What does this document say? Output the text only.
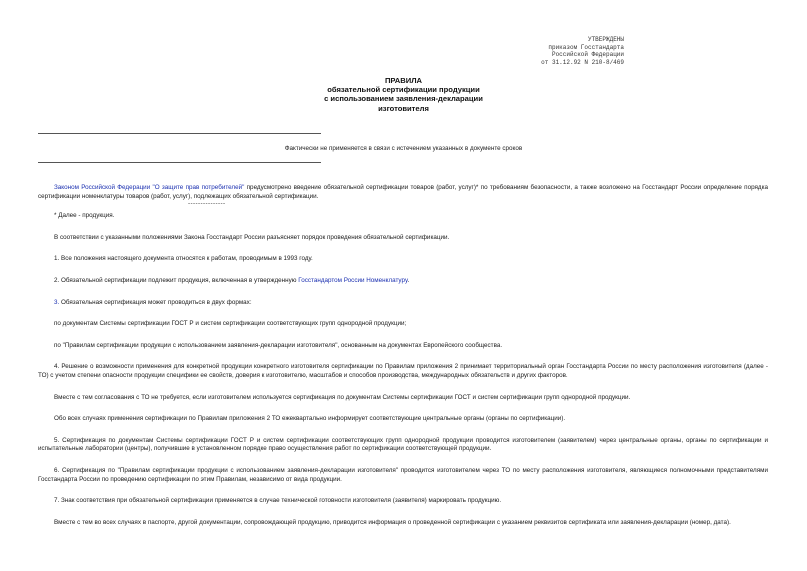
УТВЕРЖДЕНЫ
приказом Госстандарта
Российской Федерации
от 31.12.92 N 210-8/469
ПРАВИЛА
обязательной сертификации продукции
с использованием заявления-декларации
изготовителя
Фактически не применяется в связи с истечением указанных в документе сроков

Законом Российской Федерации "О защите прав потребителей" предусмотрено введение обязательной сертификации товаров (работ, услуг)* по требованиям безопасности, а также возложено на Госстандарт России определение порядка сертификации номенклатуры товаров (работ, услуг), подлежащих обязательной сертификации.

---------------

* Далее - продукция.

В соответствии с указанными положениями Закона Госстандарт России разъясняет порядок проведения обязательной сертификации.

1. Все положения настоящего документа относятся к работам, проводимым в 1993 году.

2. Обязательной сертификации подлежит продукция, включенная в утвержденную Госстандартом России Номенклатуру.

3. Обязательная сертификация может проводиться в двух формах:

по документам Системы сертификации ГОСТ Р и систем сертификации соответствующих групп однородной продукции;

по "Правилам сертификации продукции с использованием заявления-декларации изготовителя", основанным на документах Европейского сообщества.

4. Решение о возможности применения для конкретной продукции конкретного изготовителя сертификации по Правилам приложения 2 принимает территориальный орган Госстандарта России по месту расположения изготовителя (далее - ТО) с учетом степени опасности продукции специфики ее свойств, доверия к изготовителю, масштабов и способов производства, международных обязательств и других факторов.

Вместе с тем согласования с ТО не требуется, если изготовителем используется сертификация по документам Системы сертификации ГОСТ и систем сертификации групп однородной продукции.

Обо всех случаях применения сертификации по Правилам приложения 2 ТО ежеквартально информирует соответствующие центральные органы (органы по сертификации).

5. Сертификация по документам Системы сертификации ГОСТ Р и систем сертификации соответствующих групп однородной продукции проводится изготовителем (заявителем) через центральные органы, органы по сертификации и испытательные лаборатории (центры), получившие в установленном порядке право осуществления работ по сертификации соответствующей продукции.

6. Сертификация по "Правилам сертификации продукции с использованием заявления-декларации изготовителя" проводится изготовителем через ТО по месту расположения изготовителя, являющиеся полномочными представителями Госстандарта России по проведению сертификации по этим Правилам, независимо от вида продукции.

7. Знак соответствия при обязательной сертификации применяется в случае технической готовности изготовителя (заявителя) маркировать продукцию.

Вместе с тем во всех случаях в паспорте, другой документации, сопровождающей продукцию, приводится информация о проведенной сертификации с указанием реквизитов сертификата или заявления-декларации (номер, дата).
